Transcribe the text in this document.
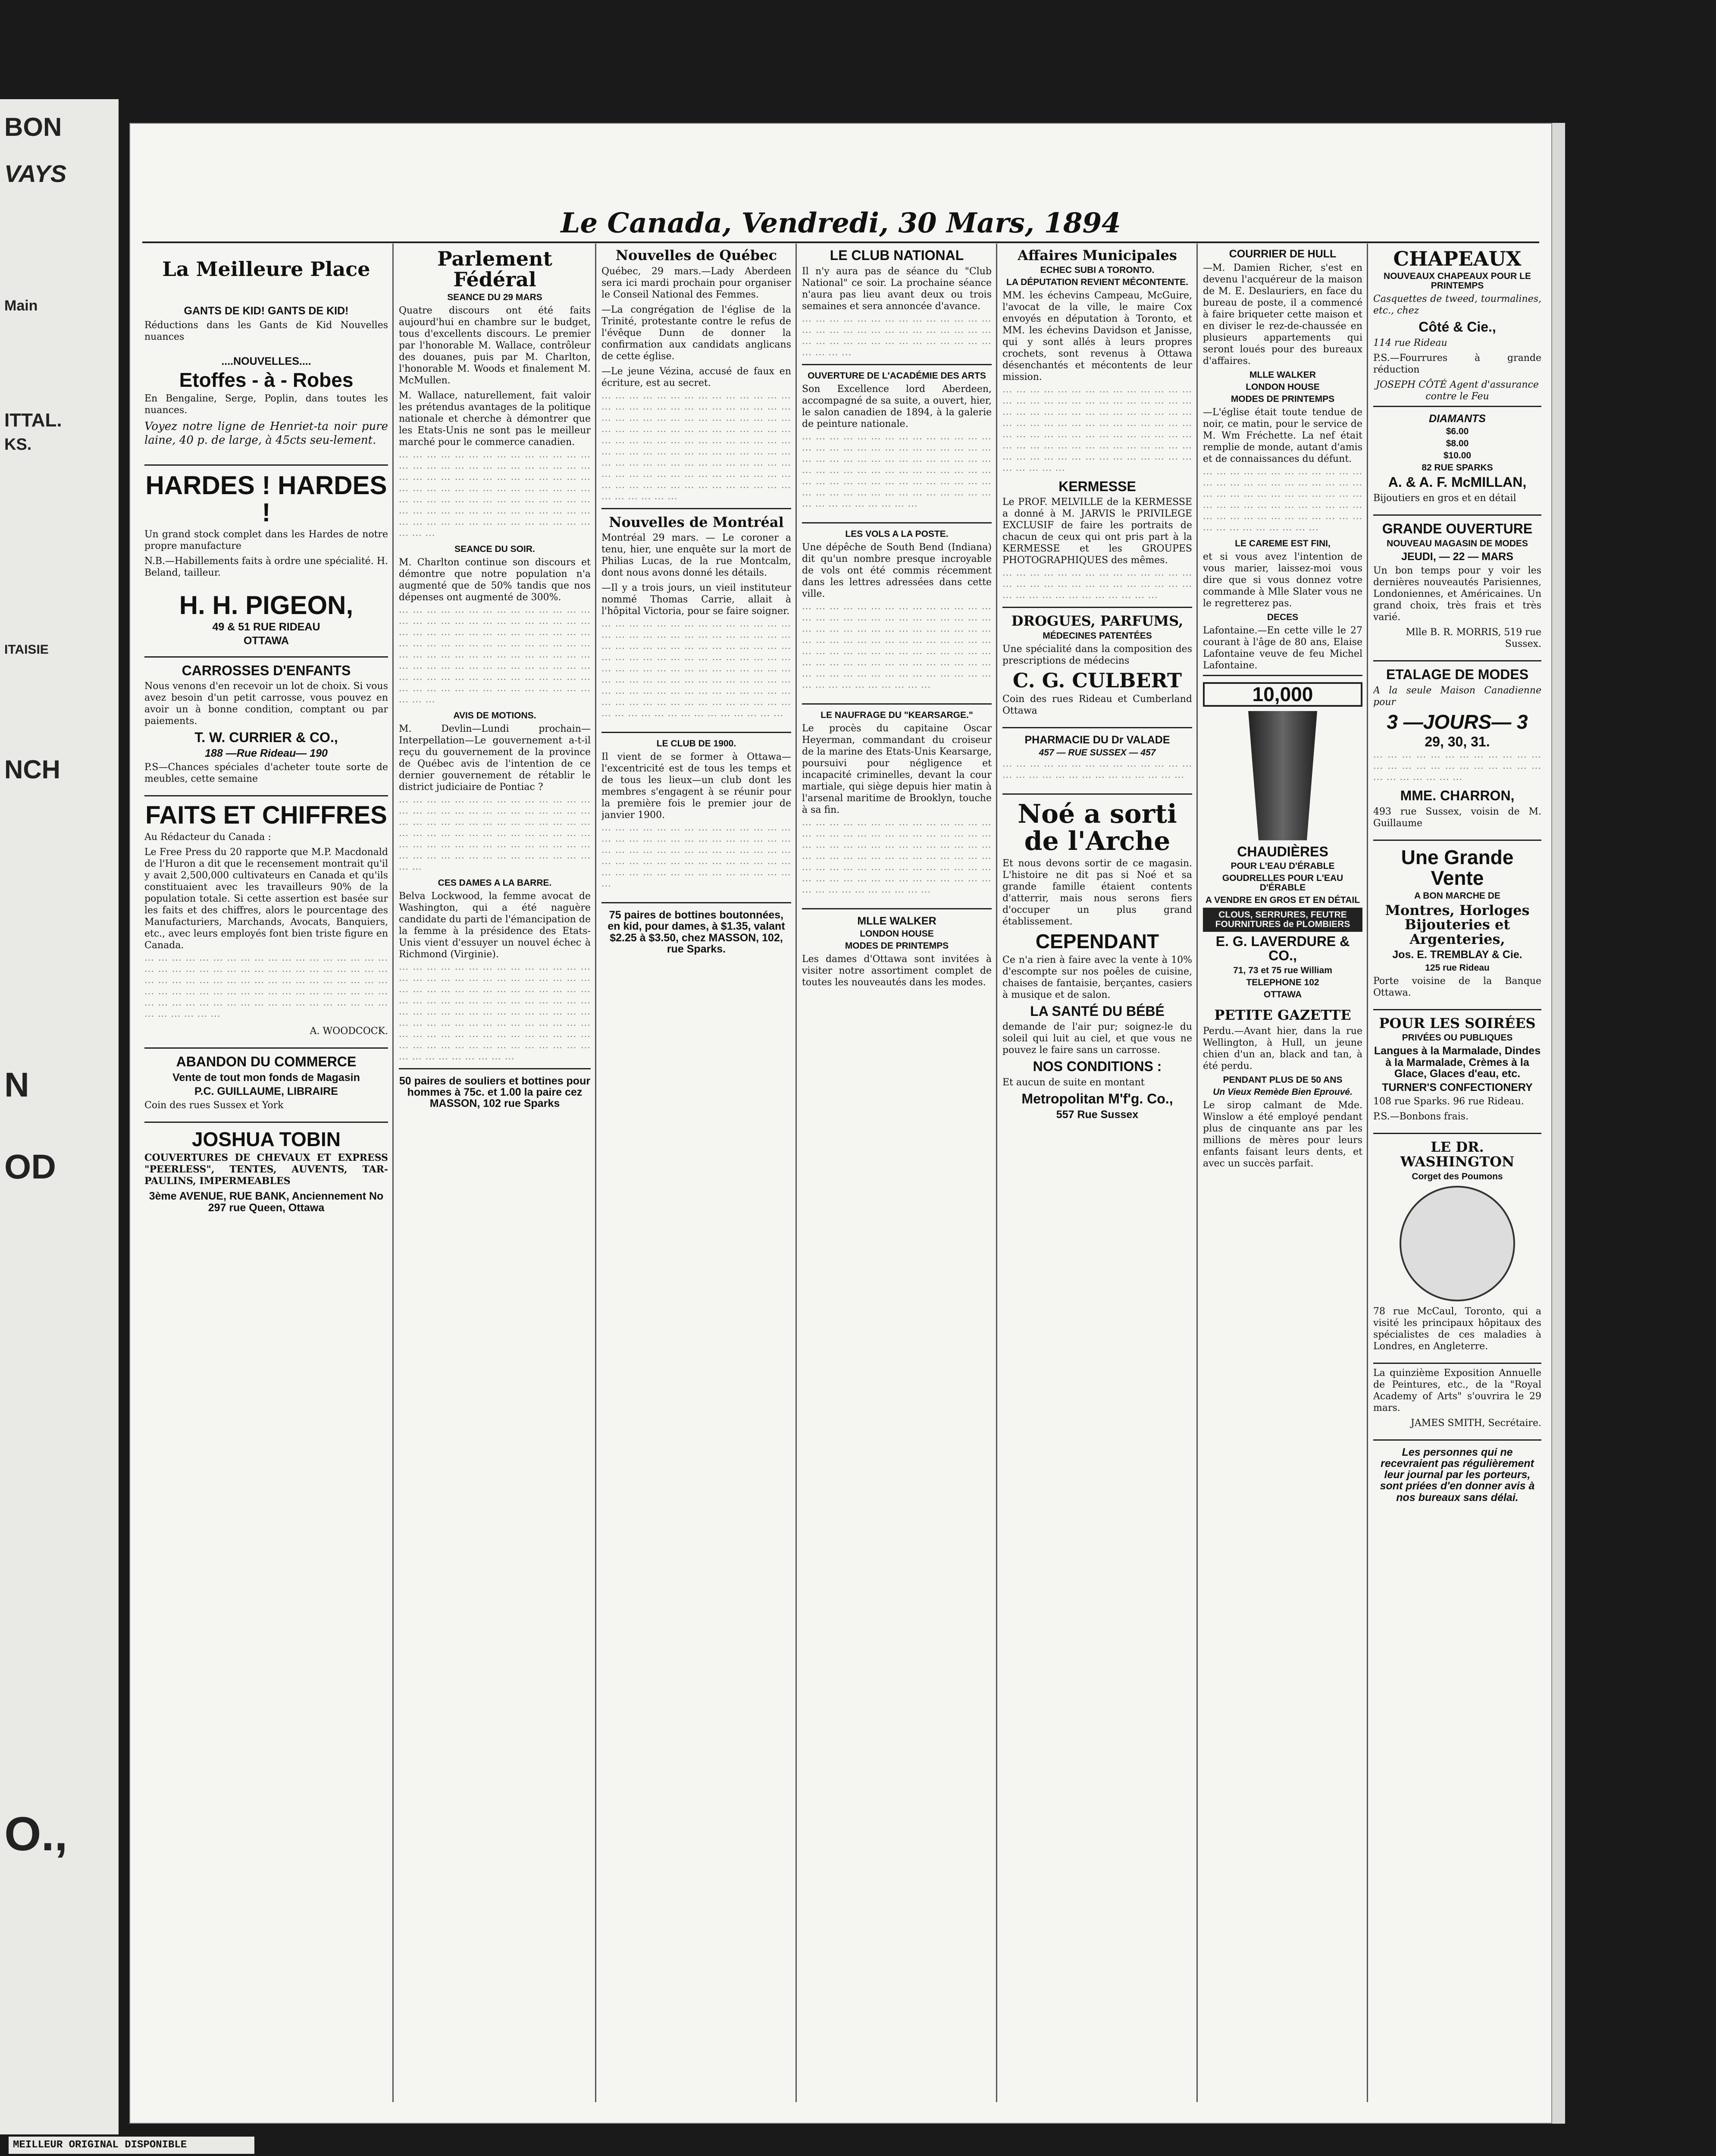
BON
VAYS
Main
ITTAL.
KS.
ITAISIE
NCH
N
OD
O.,
Le Canada, Vendredi, 30 Mars, 1894
La Meilleure Place
GANTS DE KID! GANTS DE KID!

Réductions dans les Gants de Kid Nouvelles nuances

....NOUVELLES....
Etoffes - à - Robes

En Bengaline, Serge, Poplin, dans toutes les nuances.

Voyez notre ligne de Henriet-ta noir pure laine, 40 p. de large, à 45cts seu-lement.

HARDES ! HARDES !

Un grand stock complet dans les Hardes de notre propre manufacture

N.B.—Habillements faits à ordre une spécialité. H. Beland, tailleur.

H. H. PIGEON,
49 & 51 RUE RIDEAU
OTTAWA
CARROSSES D'ENFANTS

Nous venons d'en recevoir un lot de choix. Si vous avez besoin d'un petit carrosse, vous pouvez en avoir un à bonne condition, comptant ou par paiements.

T. W. CURRIER & CO.,
188 —Rue Rideau— 190

P.S—Chances spéciales d'acheter toute sorte de meubles, cette semaine

FAITS ET CHIFFRES

Au Rédacteur du Canada :

Le Free Press du 20 rapporte que M.P. Macdonald de l'Huron a dit que le recensement montrait qu'il y avait 2,500,000 cultivateurs en Canada et qu'ils constituaient avec les travailleurs 90% de la population totale. Si cette assertion est basée sur les faits et des chiffres, alors le pourcentage des Manufacturiers, Marchands, Avocats, Banquiers, etc., avec leurs employés font bien triste figure en Canada.

··· ··· ··· ··· ··· ··· ··· ··· ··· ··· ··· ··· ··· ··· ··· ··· ··· ··· ··· ··· ··· ··· ··· ··· ··· ··· ··· ··· ··· ··· ··· ··· ··· ··· ··· ··· ··· ··· ··· ··· ··· ··· ··· ··· ··· ··· ··· ··· ··· ··· ··· ··· ··· ··· ··· ··· ··· ··· ··· ··· ··· ··· ··· ··· ··· ··· ··· ··· ··· ··· ··· ··· ··· ··· ··· ··· ··· ··· ··· ··· ··· ··· ··· ··· ··· ··· ··· ··· ··· ··· ··· ··· ··· ··· ··· ···

A. WOODCOCK.

ABANDON DU COMMERCE
Vente de tout mon fonds de Magasin
P.C. GUILLAUME, LIBRAIRE

Coin des rues Sussex et York

JOSHUA TOBIN

COUVERTURES DE CHEVAUX ET EXPRESS "PEERLESS", TENTES, AUVENTS, TAR-PAULINS, IMPERMEABLES

3ème AVENUE, RUE BANK, Anciennement No 297 rue Queen, Ottawa
Parlement Fédéral
SEANCE DU 29 MARS

Quatre discours ont été faits aujourd'hui en chambre sur le budget, tous d'excellents discours. Le premier par l'honorable M. Wallace, contrôleur des douanes, puis par M. Charlton, l'honorable M. Woods et finalement M. McMullen.

M. Wallace, naturellement, fait valoir les prétendus avantages de la politique nationale et cherche à démontrer que les Etats-Unis ne sont pas le meilleur marché pour le commerce canadien.

··· ··· ··· ··· ··· ··· ··· ··· ··· ··· ··· ··· ··· ··· ··· ··· ··· ··· ··· ··· ··· ··· ··· ··· ··· ··· ··· ··· ··· ··· ··· ··· ··· ··· ··· ··· ··· ··· ··· ··· ··· ··· ··· ··· ··· ··· ··· ··· ··· ··· ··· ··· ··· ··· ··· ··· ··· ··· ··· ··· ··· ··· ··· ··· ··· ··· ··· ··· ··· ··· ··· ··· ··· ··· ··· ··· ··· ··· ··· ··· ··· ··· ··· ··· ··· ··· ··· ··· ··· ··· ··· ··· ··· ··· ··· ··· ··· ··· ··· ··· ···

SEANCE DU SOIR.

M. Charlton continue son discours et démontre que notre population n'a augmenté que de 50% tandis que nos dépenses ont augmenté de 300%.

··· ··· ··· ··· ··· ··· ··· ··· ··· ··· ··· ··· ··· ··· ··· ··· ··· ··· ··· ··· ··· ··· ··· ··· ··· ··· ··· ··· ··· ··· ··· ··· ··· ··· ··· ··· ··· ··· ··· ··· ··· ··· ··· ··· ··· ··· ··· ··· ··· ··· ··· ··· ··· ··· ··· ··· ··· ··· ··· ··· ··· ··· ··· ··· ··· ··· ··· ··· ··· ··· ··· ··· ··· ··· ··· ··· ··· ··· ··· ··· ··· ··· ··· ··· ··· ··· ··· ··· ··· ··· ··· ··· ··· ··· ··· ··· ··· ··· ··· ··· ··· ··· ··· ··· ··· ··· ··· ··· ··· ··· ··· ··· ··· ··· ···

AVIS DE MOTIONS.

M. Devlin—Lundi prochain—Interpellation—Le gouvernement a-t-il reçu du gouvernement de la province de Québec avis de l'intention de ce dernier gouvernement de rétablir le district judiciaire de Pontiac ?

··· ··· ··· ··· ··· ··· ··· ··· ··· ··· ··· ··· ··· ··· ··· ··· ··· ··· ··· ··· ··· ··· ··· ··· ··· ··· ··· ··· ··· ··· ··· ··· ··· ··· ··· ··· ··· ··· ··· ··· ··· ··· ··· ··· ··· ··· ··· ··· ··· ··· ··· ··· ··· ··· ··· ··· ··· ··· ··· ··· ··· ··· ··· ··· ··· ··· ··· ··· ··· ··· ··· ··· ··· ··· ··· ··· ··· ··· ··· ··· ··· ··· ··· ··· ··· ···

CES DAMES A LA BARRE.

Belva Lockwood, la femme avocat de Washington, qui a été naguère candidate du parti de l'émancipation de la femme à la présidence des Etats-Unis vient d'essuyer un nouvel échec à Richmond (Virginie).

··· ··· ··· ··· ··· ··· ··· ··· ··· ··· ··· ··· ··· ··· ··· ··· ··· ··· ··· ··· ··· ··· ··· ··· ··· ··· ··· ··· ··· ··· ··· ··· ··· ··· ··· ··· ··· ··· ··· ··· ··· ··· ··· ··· ··· ··· ··· ··· ··· ··· ··· ··· ··· ··· ··· ··· ··· ··· ··· ··· ··· ··· ··· ··· ··· ··· ··· ··· ··· ··· ··· ··· ··· ··· ··· ··· ··· ··· ··· ··· ··· ··· ··· ··· ··· ··· ··· ··· ··· ··· ··· ··· ··· ··· ··· ··· ··· ··· ··· ··· ··· ··· ··· ··· ··· ··· ··· ··· ··· ··· ··· ··· ··· ··· ··· ··· ··· ··· ··· ··· ···

50 paires de souliers et bottines pour hommes à 75c. et 1.00 la paire cez MASSON, 102 rue Sparks
Nouvelles de Québec

Québec, 29 mars.—Lady Aberdeen sera ici mardi prochain pour organiser le Conseil National des Femmes.

—La congrégation de l'église de la Trinité, protestante contre le refus de l'évêque Dunn de donner la confirmation aux candidats anglicans de cette église.

—Le jeune Vézina, accusé de faux en écriture, est au secret.

··· ··· ··· ··· ··· ··· ··· ··· ··· ··· ··· ··· ··· ··· ··· ··· ··· ··· ··· ··· ··· ··· ··· ··· ··· ··· ··· ··· ··· ··· ··· ··· ··· ··· ··· ··· ··· ··· ··· ··· ··· ··· ··· ··· ··· ··· ··· ··· ··· ··· ··· ··· ··· ··· ··· ··· ··· ··· ··· ··· ··· ··· ··· ··· ··· ··· ··· ··· ··· ··· ··· ··· ··· ··· ··· ··· ··· ··· ··· ··· ··· ··· ··· ··· ··· ··· ··· ··· ··· ··· ··· ··· ··· ··· ··· ··· ··· ··· ··· ··· ··· ··· ··· ··· ··· ··· ··· ··· ··· ··· ··· ··· ··· ··· ··· ··· ··· ··· ··· ··· ··· ··· ··· ··· ··· ··· ··· ··· ··· ··· ··· ···

Nouvelles de Montréal

Montréal 29 mars. — Le coroner a tenu, hier, une enquête sur la mort de Philias Lucas, de la rue Montcalm, dont nous avons donné les détails.

—Il y a trois jours, un vieil instituteur nommé Thomas Carrie, allait à l'hôpital Victoria, pour se faire soigner.

··· ··· ··· ··· ··· ··· ··· ··· ··· ··· ··· ··· ··· ··· ··· ··· ··· ··· ··· ··· ··· ··· ··· ··· ··· ··· ··· ··· ··· ··· ··· ··· ··· ··· ··· ··· ··· ··· ··· ··· ··· ··· ··· ··· ··· ··· ··· ··· ··· ··· ··· ··· ··· ··· ··· ··· ··· ··· ··· ··· ··· ··· ··· ··· ··· ··· ··· ··· ··· ··· ··· ··· ··· ··· ··· ··· ··· ··· ··· ··· ··· ··· ··· ··· ··· ··· ··· ··· ··· ··· ··· ··· ··· ··· ··· ··· ··· ··· ··· ··· ··· ··· ··· ··· ··· ··· ··· ··· ··· ··· ··· ··· ··· ··· ··· ··· ··· ··· ··· ··· ··· ··· ··· ··· ··· ···

LE CLUB DE 1900.

Il vient de se former à Ottawa—l'excentricité est de tous les temps et de tous les lieux—un club dont les membres s'engagent à se réunir pour la première fois le premier jour de janvier 1900.

··· ··· ··· ··· ··· ··· ··· ··· ··· ··· ··· ··· ··· ··· ··· ··· ··· ··· ··· ··· ··· ··· ··· ··· ··· ··· ··· ··· ··· ··· ··· ··· ··· ··· ··· ··· ··· ··· ··· ··· ··· ··· ··· ··· ··· ··· ··· ··· ··· ··· ··· ··· ··· ··· ··· ··· ··· ··· ··· ··· ··· ··· ··· ··· ··· ··· ··· ··· ··· ··· ···

75 paires de bottines boutonnées, en kid, pour dames, à $1.35, valant $2.25 à $3.50, chez MASSON, 102, rue Sparks.
LE CLUB NATIONAL

Il n'y aura pas de séance du "Club National" ce soir. La prochaine séance n'aura pas lieu avant deux ou trois semaines et sera annoncée d'avance.

··· ··· ··· ··· ··· ··· ··· ··· ··· ··· ··· ··· ··· ··· ··· ··· ··· ··· ··· ··· ··· ··· ··· ··· ··· ··· ··· ··· ··· ··· ··· ··· ··· ··· ··· ··· ··· ··· ··· ··· ··· ··· ··· ··· ··· ···

OUVERTURE DE L'ACADÉMIE DES ARTS

Son Excellence lord Aberdeen, accompagné de sa suite, a ouvert, hier, le salon canadien de 1894, à la galerie de peinture nationale.

··· ··· ··· ··· ··· ··· ··· ··· ··· ··· ··· ··· ··· ··· ··· ··· ··· ··· ··· ··· ··· ··· ··· ··· ··· ··· ··· ··· ··· ··· ··· ··· ··· ··· ··· ··· ··· ··· ··· ··· ··· ··· ··· ··· ··· ··· ··· ··· ··· ··· ··· ··· ··· ··· ··· ··· ··· ··· ··· ··· ··· ··· ··· ··· ··· ··· ··· ··· ··· ··· ··· ··· ··· ··· ··· ··· ··· ··· ··· ··· ··· ··· ··· ··· ··· ··· ··· ··· ··· ··· ··· ··· ···

LES VOLS A LA POSTE.

Une dépêche de South Bend (Indiana) dit qu'un nombre presque incroyable de vols ont été commis récemment dans les lettres adressées dans cette ville.

··· ··· ··· ··· ··· ··· ··· ··· ··· ··· ··· ··· ··· ··· ··· ··· ··· ··· ··· ··· ··· ··· ··· ··· ··· ··· ··· ··· ··· ··· ··· ··· ··· ··· ··· ··· ··· ··· ··· ··· ··· ··· ··· ··· ··· ··· ··· ··· ··· ··· ··· ··· ··· ··· ··· ··· ··· ··· ··· ··· ··· ··· ··· ··· ··· ··· ··· ··· ··· ··· ··· ··· ··· ··· ··· ··· ··· ··· ··· ··· ··· ··· ··· ··· ··· ··· ··· ··· ··· ··· ··· ··· ··· ··· ··· ··· ··· ··· ··· ··· ··· ··· ··· ··· ··· ··· ··· ···

LE NAUFRAGE DU "KEARSARGE."

Le procès du capitaine Oscar Heyerman, commandant du croiseur de la marine des Etats-Unis Kearsarge, poursuivi pour négligence et incapacité criminelles, devant la cour martiale, qui siège depuis hier matin à l'arsenal maritime de Brooklyn, touche à sa fin.

··· ··· ··· ··· ··· ··· ··· ··· ··· ··· ··· ··· ··· ··· ··· ··· ··· ··· ··· ··· ··· ··· ··· ··· ··· ··· ··· ··· ··· ··· ··· ··· ··· ··· ··· ··· ··· ··· ··· ··· ··· ··· ··· ··· ··· ··· ··· ··· ··· ··· ··· ··· ··· ··· ··· ··· ··· ··· ··· ··· ··· ··· ··· ··· ··· ··· ··· ··· ··· ··· ··· ··· ··· ··· ··· ··· ··· ··· ··· ··· ··· ··· ··· ··· ··· ··· ··· ··· ··· ··· ··· ··· ··· ···

MLLE WALKER
LONDON HOUSE
MODES DE PRINTEMPS

Les dames d'Ottawa sont invitées à visiter notre assortiment complet de toutes les nouveautés dans les modes.

Affaires Municipales
ECHEC SUBI A TORONTO.
LA DÉPUTATION REVIENT MÉCONTENTE.

MM. les échevins Campeau, McGuire, l'avocat de la ville, le maire Cox envoyés en députation à Toronto, et MM. les échevins Davidson et Janisse, qui y sont allés à leurs propres crochets, sont revenus à Ottawa désenchantés et mécontents de leur mission.

··· ··· ··· ··· ··· ··· ··· ··· ··· ··· ··· ··· ··· ··· ··· ··· ··· ··· ··· ··· ··· ··· ··· ··· ··· ··· ··· ··· ··· ··· ··· ··· ··· ··· ··· ··· ··· ··· ··· ··· ··· ··· ··· ··· ··· ··· ··· ··· ··· ··· ··· ··· ··· ··· ··· ··· ··· ··· ··· ··· ··· ··· ··· ··· ··· ··· ··· ··· ··· ··· ··· ··· ··· ··· ··· ··· ··· ··· ··· ··· ··· ··· ··· ··· ··· ··· ··· ··· ··· ··· ··· ··· ··· ··· ··· ··· ··· ··· ··· ··· ··· ··· ···

KERMESSE

Le PROF. MELVILLE de la KERMESSE a donné à M. JARVIS le PRIVILEGE EXCLUSIF de faire les portraits de chacun de ceux qui ont pris part à la KERMESSE et les GROUPES PHOTOGRAPHIQUES des mêmes.

··· ··· ··· ··· ··· ··· ··· ··· ··· ··· ··· ··· ··· ··· ··· ··· ··· ··· ··· ··· ··· ··· ··· ··· ··· ··· ··· ··· ··· ··· ··· ··· ··· ··· ··· ··· ··· ··· ··· ···

DROGUES, PARFUMS,
MÉDECINES PATENTÉES

Une spécialité dans la composition des prescriptions de médecins

C. G. CULBERT

Coin des rues Rideau et Cumberland Ottawa

PHARMACIE DU Dr VALADE
457 — RUE SUSSEX — 457

··· ··· ··· ··· ··· ··· ··· ··· ··· ··· ··· ··· ··· ··· ··· ··· ··· ··· ··· ··· ··· ··· ··· ··· ··· ··· ··· ···

Noé a sorti de l'Arche

Et nous devons sortir de ce magasin. L'histoire ne dit pas si Noé et sa grande famille étaient contents d'atterrir, mais nous serons fiers d'occuper un plus grand établissement.

CEPENDANT

Ce n'a rien à faire avec la vente à 10% d'escompte sur nos poêles de cuisine, chaises de fantaisie, berçantes, casiers à musique et de salon.

LA SANTÉ DU BÉBÉ

demande de l'air pur; soignez-le du soleil qui luit au ciel, et que vous ne pouvez le faire sans un carrosse.

NOS CONDITIONS :

Et aucun de suite en montant

Metropolitan M'f'g. Co.,
557 Rue Sussex
COURRIER DE HULL

—M. Damien Richer, s'est en devenu l'acquéreur de la maison de M. E. Deslauriers, en face du bureau de poste, il a commencé à faire briqueter cette maison et en diviser le rez-de-chaussée en plusieurs appartements qui seront loués pour des bureaux d'affaires.

MLLE WALKER
LONDON HOUSE
MODES DE PRINTEMPS

—L'église était toute tendue de noir, ce matin, pour le service de M. Wm Fréchette. La nef était remplie de monde, autant d'amis et de connaissances du défunt.

··· ··· ··· ··· ··· ··· ··· ··· ··· ··· ··· ··· ··· ··· ··· ··· ··· ··· ··· ··· ··· ··· ··· ··· ··· ··· ··· ··· ··· ··· ··· ··· ··· ··· ··· ··· ··· ··· ··· ··· ··· ··· ··· ··· ··· ··· ··· ··· ··· ··· ··· ··· ··· ··· ··· ··· ··· ··· ··· ··· ··· ··· ··· ··· ··· ··· ··· ··· ···

LE CAREME EST FINI,

et si vous avez l'intention de vous marier, laissez-moi vous dire que si vous donnez votre commande à Mlle Slater vous ne le regretterez pas.

DECES

Lafontaine.—En cette ville le 27 courant à l'âge de 80 ans, Elaise Lafontaine veuve de feu Michel Lafontaine.

10,000
CHAUDIÈRES
POUR L'EAU D'ÉRABLE
GOUDRELLES POUR L'EAU D'ÉRABLE
A VENDRE EN GROS ET EN DÉTAIL
CLOUS, SERRURES, FEUTRE FOURNITURES de PLOMBIERS
E. G. LAVERDURE & CO.,
71, 73 et 75 rue William
TELEPHONE 102
OTTAWA
PETITE GAZETTE

Perdu.—Avant hier, dans la rue Wellington, à Hull, un jeune chien d'un an, black and tan, à été perdu.

PENDANT PLUS DE 50 ANS
Un Vieux Remède Bien Eprouvé.

Le sirop calmant de Mde. Winslow a été employé pendant plus de cinquante ans par les millions de mères pour leurs enfants faisant leurs dents, et avec un succès parfait.

CHAPEAUX
NOUVEAUX CHAPEAUX POUR LE PRINTEMPS

Casquettes de tweed, tourmalines, etc., chez

Côté & Cie.,

114 rue Rideau

P.S.—Fourrures à grande réduction

JOSEPH CÔTÉ Agent d'assurance contre le Feu

DIAMANTS
$6.00
$8.00
$10.00
82 RUE SPARKS
A. & A. F. McMILLAN,

Bijoutiers en gros et en détail

GRANDE OUVERTURE
NOUVEAU MAGASIN DE MODES
JEUDI, — 22 — MARS

Un bon temps pour y voir les dernières nouveautés Parisiennes, Londoniennes, et Américaines. Un grand choix, très frais et très varié.

Mlle B. R. MORRIS, 519 rue Sussex.

ETALAGE DE MODES

A la seule Maison Canadienne pour

3 —JOURS— 3
29, 30, 31.

··· ··· ··· ··· ··· ··· ··· ··· ··· ··· ··· ··· ··· ··· ··· ··· ··· ··· ··· ··· ··· ··· ··· ··· ··· ··· ··· ··· ··· ··· ···

MME. CHARRON,

493 rue Sussex, voisin de M. Guillaume

Une Grande Vente
A BON MARCHE DE
Montres, Horloges Bijouteries et Argenteries,
Jos. E. TREMBLAY & Cie.
125 rue Rideau

Porte voisine de la Banque Ottawa.

POUR LES SOIRÉES
PRIVÉES OU PUBLIQUES
Langues à la Marmalade, Dindes à la Marmalade, Crèmes à la Glace, Glaces d'eau, etc.
TURNER'S CONFECTIONERY

108 rue Sparks. 96 rue Rideau.

P.S.—Bonbons frais.

LE DR. WASHINGTON
Corget des Poumons

78 rue McCaul, Toronto, qui a visité les principaux hôpitaux des spécialistes de ces maladies à Londres, en Angleterre.

La quinzième Exposition Annuelle de Peintures, etc., de la "Royal Academy of Arts" s'ouvrira le 29 mars.

JAMES SMITH, Secrétaire.

Les personnes qui ne recevraient pas régulièrement leur journal par les porteurs, sont priées d'en donner avis à nos bureaux sans délai.
MEILLEUR ORIGINAL DISPONIBLE
